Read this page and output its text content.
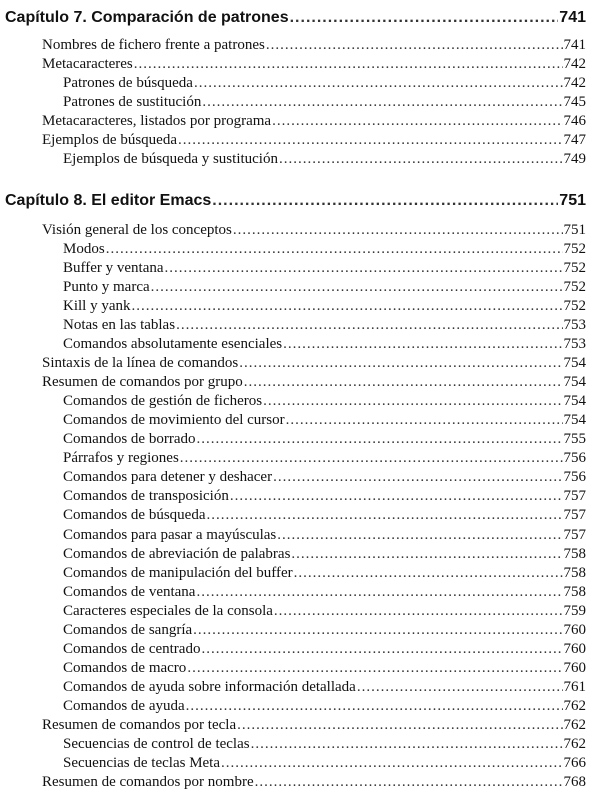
Capítulo 7. Comparación de patrones .....	741
Nombres de fichero frente a patrones .....	741
Metacaracteres .....	742
Patrones de búsqueda .....	742
Patrones de sustitución .....	745
Metacaracteres, listados por programa .....	746
Ejemplos de búsqueda .....	747
Ejemplos de búsqueda y sustitución .....	749
Capítulo 8. El editor Emacs .....	751
Visión general de los conceptos .....	751
Modos .....	752
Buffer y ventana .....	752
Punto y marca .....	752
Kill y yank .....	752
Notas en las tablas .....	753
Comandos absolutamente esenciales .....	753
Sintaxis de la línea de comandos .....	754
Resumen de comandos por grupo .....	754
Comandos de gestión de ficheros .....	754
Comandos de movimiento del cursor .....	754
Comandos de borrado .....	755
Párrafos y regiones .....	756
Comandos para detener y deshacer .....	756
Comandos de transposición .....	757
Comandos de búsqueda .....	757
Comandos para pasar a mayúsculas .....	757
Comandos de abreviación de palabras .....	758
Comandos de manipulación del buffer .....	758
Comandos de ventana .....	758
Caracteres especiales de la consola .....	759
Comandos de sangría .....	760
Comandos de centrado .....	760
Comandos de macro .....	760
Comandos de ayuda sobre información detallada .....	761
Comandos de ayuda .....	762
Resumen de comandos por tecla .....	762
Secuencias de control de teclas .....	762
Secuencias de teclas Meta .....	766
Resumen de comandos por nombre .....	768
